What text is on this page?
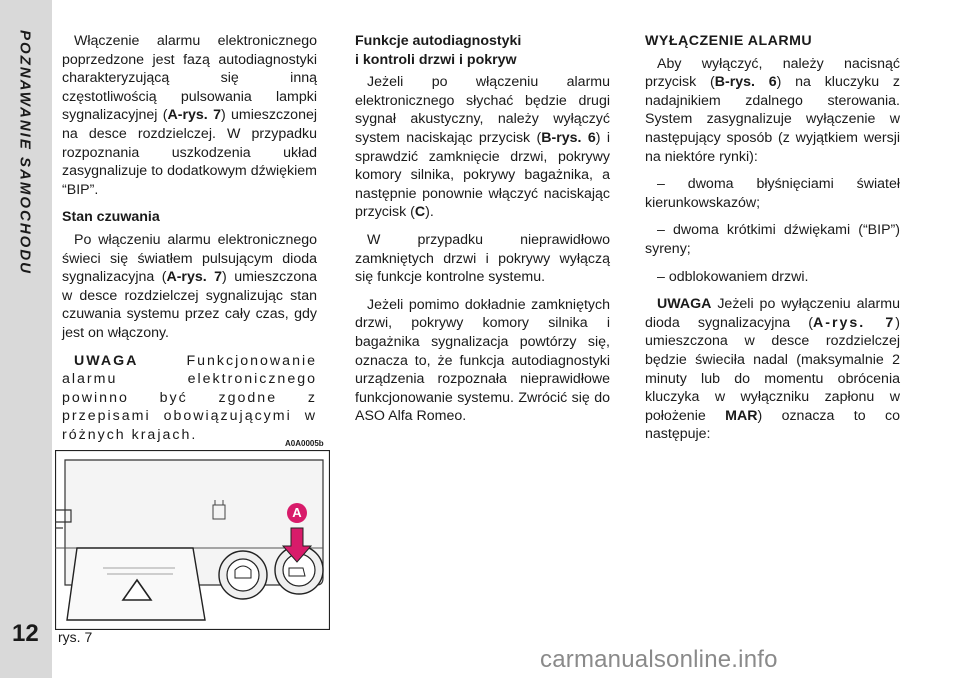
POZNAWANIE SAMOCHODU
12

Włączenie alarmu elektronicznego poprzedzone jest fazą autodiagnostyki charakteryzującą się inną częstotliwością pulsowania lampki sygnalizacyjnej (A-rys. 7) umieszczonej na desce rozdzielczej. W przypadku rozpoznania uszkodzenia układ zasygnalizuje to dodatkowym dźwiękiem “BIP”.

Stan czuwania

Po włączeniu alarmu elektronicznego świeci się światłem pulsującym dioda sygnalizacyjna (A-rys. 7) umieszczona w desce rozdzielczej sygnalizując stan czuwania systemu przez cały czas, gdy jest on włączony.

UWAGA Funkcjonowanie alarmu elektronicznego powinno być zgodne z przepisami obowiązującymi w różnych krajach.

Funkcje autodiagnostyki
i kontroli drzwi i pokryw

Jeżeli po włączeniu alarmu elektronicznego słychać będzie drugi sygnał akustyczny, należy wyłączyć system naciskając przycisk (B-rys. 6) i sprawdzić zamknięcie drzwi, pokrywy komory silnika, pokrywy bagażnika, a następnie ponownie włączyć naciskając przycisk (C).

W przypadku nieprawidłowo zamkniętych drzwi i pokrywy wyłączą się funkcje kontrolne systemu.

Jeżeli pomimo dokładnie zamkniętych drzwi, pokrywy komory silnika i bagażnika sygnalizacja powtórzy się, oznacza to, że funkcja autodiagnostyki urządzenia rozpoznała nieprawidłowe funkcjonowanie systemu. Zwrócić się do ASO Alfa Romeo.

WYŁĄCZENIE ALARMU

Aby wyłączyć, należy nacisnąć przycisk (B-rys. 6) na kluczyku z nadajnikiem zdalnego sterowania. System zasygnalizuje wyłączenie w następujący sposób (z wyjątkiem wersji na niektóre rynki):

– dwoma błyśnięciami świateł kierunkowskazów;

– dwoma krótkimi dźwiękami (“BIP”) syreny;

– odblokowaniem drzwi.

UWAGA Jeżeli po wyłączeniu alarmu dioda sygnalizacyjna (A-rys. 7) umieszczona w desce rozdzielczej będzie świeciła nadal (maksymalnie 2 minuty lub do momentu obrócenia kluczyka w wyłączniku zapłonu w położenie MAR) oznacza to co następuje:

A0A0005b
A
rys. 7
carmanualsonline.info
